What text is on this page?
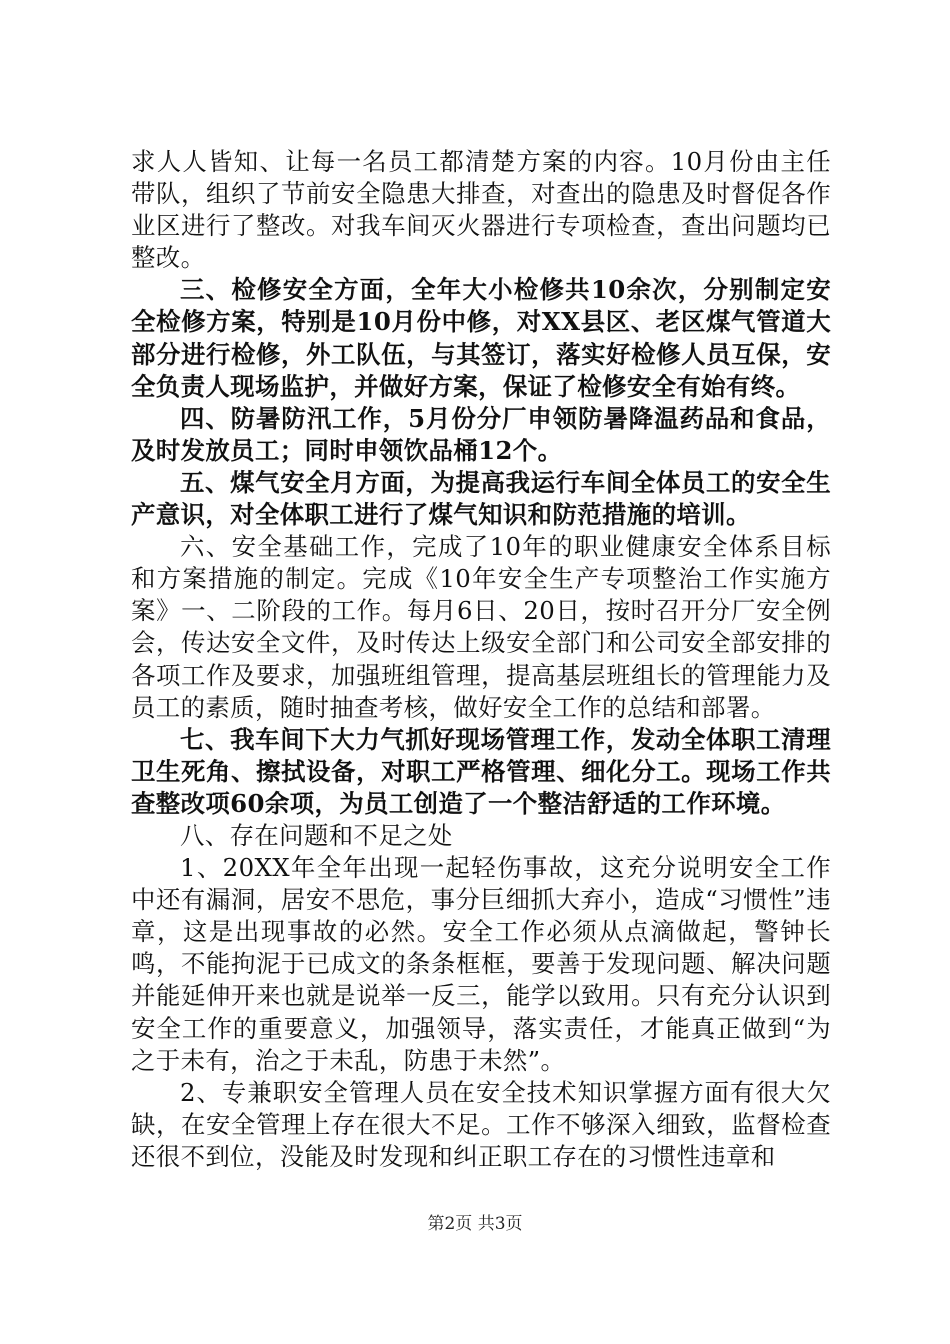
求人人皆知、让每一名员工都清楚方案的内容。10月份由主任带队，组织了节前安全隐患大排查，对查出的隐患及时督促各作业区进行了整改。对我车间灭火器进行专项检查，查出问题均已整改。

三、检修安全方面，全年大小检修共10余次，分别制定安全检修方案，特别是10月份中修，对XX县区、老区煤气管道大部分进行检修，外工队伍，与其签订，落实好检修人员互保，安全负责人现场监护，并做好方案，保证了检修安全有始有终。

四、防暑防汛工作，5月份分厂申领防暑降温药品和食品，及时发放员工；同时申领饮品桶12个。

五、煤气安全月方面，为提高我运行车间全体员工的安全生产意识，对全体职工进行了煤气知识和防范措施的培训。

六、安全基础工作，完成了10年的职业健康安全体系目标和方案措施的制定。完成《10年安全生产专项整治工作实施方案》一、二阶段的工作。每月6日、20日，按时召开分厂安全例会，传达安全文件，及时传达上级安全部门和公司安全部安排的各项工作及要求，加强班组管理，提高基层班组长的管理能力及员工的素质，随时抽查考核，做好安全工作的总结和部署。

七、我车间下大力气抓好现场管理工作，发动全体职工清理卫生死角、擦拭设备，对职工严格管理、细化分工。现场工作共查整改项60余项，为员工创造了一个整洁舒适的工作环境。

八、存在问题和不足之处

1、20XX年全年出现一起轻伤事故，这充分说明安全工作中还有漏洞，居安不思危，事分巨细抓大弃小，造成“习惯性”违章，这是出现事故的必然。安全工作必须从点滴做起，警钟长鸣，不能拘泥于已成文的条条框框，要善于发现问题、解决问题并能延伸开来也就是说举一反三，能学以致用。只有充分认识到安全工作的重要意义，加强领导，落实责任，才能真正做到“为之于未有，治之于未乱，防患于未然”。

2、专兼职安全管理人员在安全技术知识掌握方面有很大欠缺，在安全管理上存在很大不足。工作不够深入细致，监督检查还很不到位，没能及时发现和纠正职工存在的习惯性违章和

第2页 共3页
